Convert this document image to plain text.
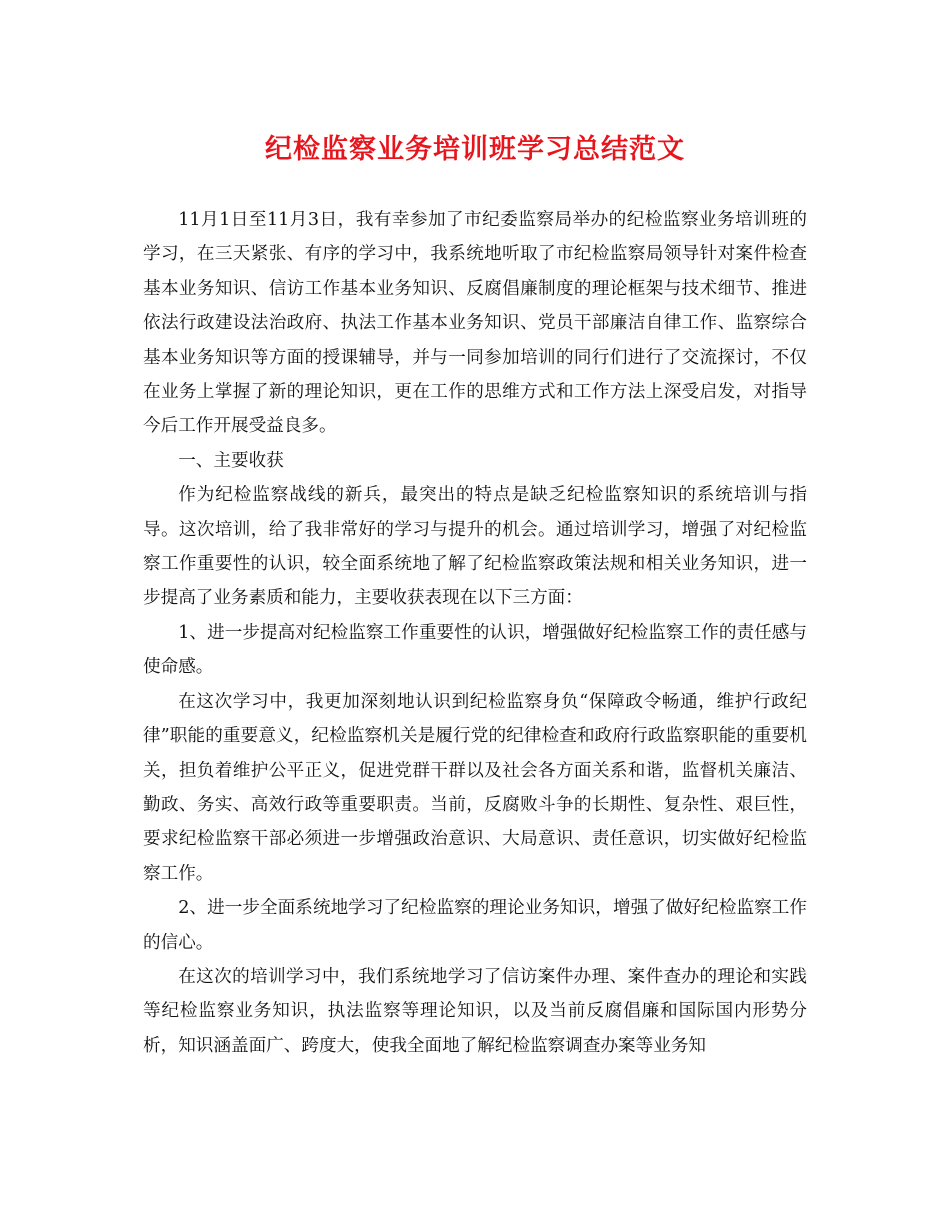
纪检监察业务培训班学习总结范文

11月1日至11月3日，我有幸参加了市纪委监察局举办的纪检监察业务培训班的学习，在三天紧张、有序的学习中，我系统地听取了市纪检监察局领导针对案件检查基本业务知识、信访工作基本业务知识、反腐倡廉制度的理论框架与技术细节、推进依法行政建设法治政府、执法工作基本业务知识、党员干部廉洁自律工作、监察综合基本业务知识等方面的授课辅导，并与一同参加培训的同行们进行了交流探讨，不仅在业务上掌握了新的理论知识，更在工作的思维方式和工作方法上深受启发，对指导今后工作开展受益良多。

一、主要收获

作为纪检监察战线的新兵，最突出的特点是缺乏纪检监察知识的系统培训与指导。这次培训，给了我非常好的学习与提升的机会。通过培训学习，增强了对纪检监察工作重要性的认识，较全面系统地了解了纪检监察政策法规和相关业务知识，进一步提高了业务素质和能力，主要收获表现在以下三方面：

1、进一步提高对纪检监察工作重要性的认识，增强做好纪检监察工作的责任感与使命感。

在这次学习中，我更加深刻地认识到纪检监察身负“保障政令畅通，维护行政纪律”职能的重要意义，纪检监察机关是履行党的纪律检查和政府行政监察职能的重要机关，担负着维护公平正义，促进党群干群以及社会各方面关系和谐，监督机关廉洁、勤政、务实、高效行政等重要职责。当前，反腐败斗争的长期性、复杂性、艰巨性，要求纪检监察干部必须进一步增强政治意识、大局意识、责任意识，切实做好纪检监察工作。

2、进一步全面系统地学习了纪检监察的理论业务知识，增强了做好纪检监察工作的信心。

在这次的培训学习中，我们系统地学习了信访案件办理、案件查办的理论和实践等纪检监察业务知识，执法监察等理论知识，以及当前反腐倡廉和国际国内形势分析，知识涵盖面广、跨度大，使我全面地了解纪检监察调查办案等业务知
